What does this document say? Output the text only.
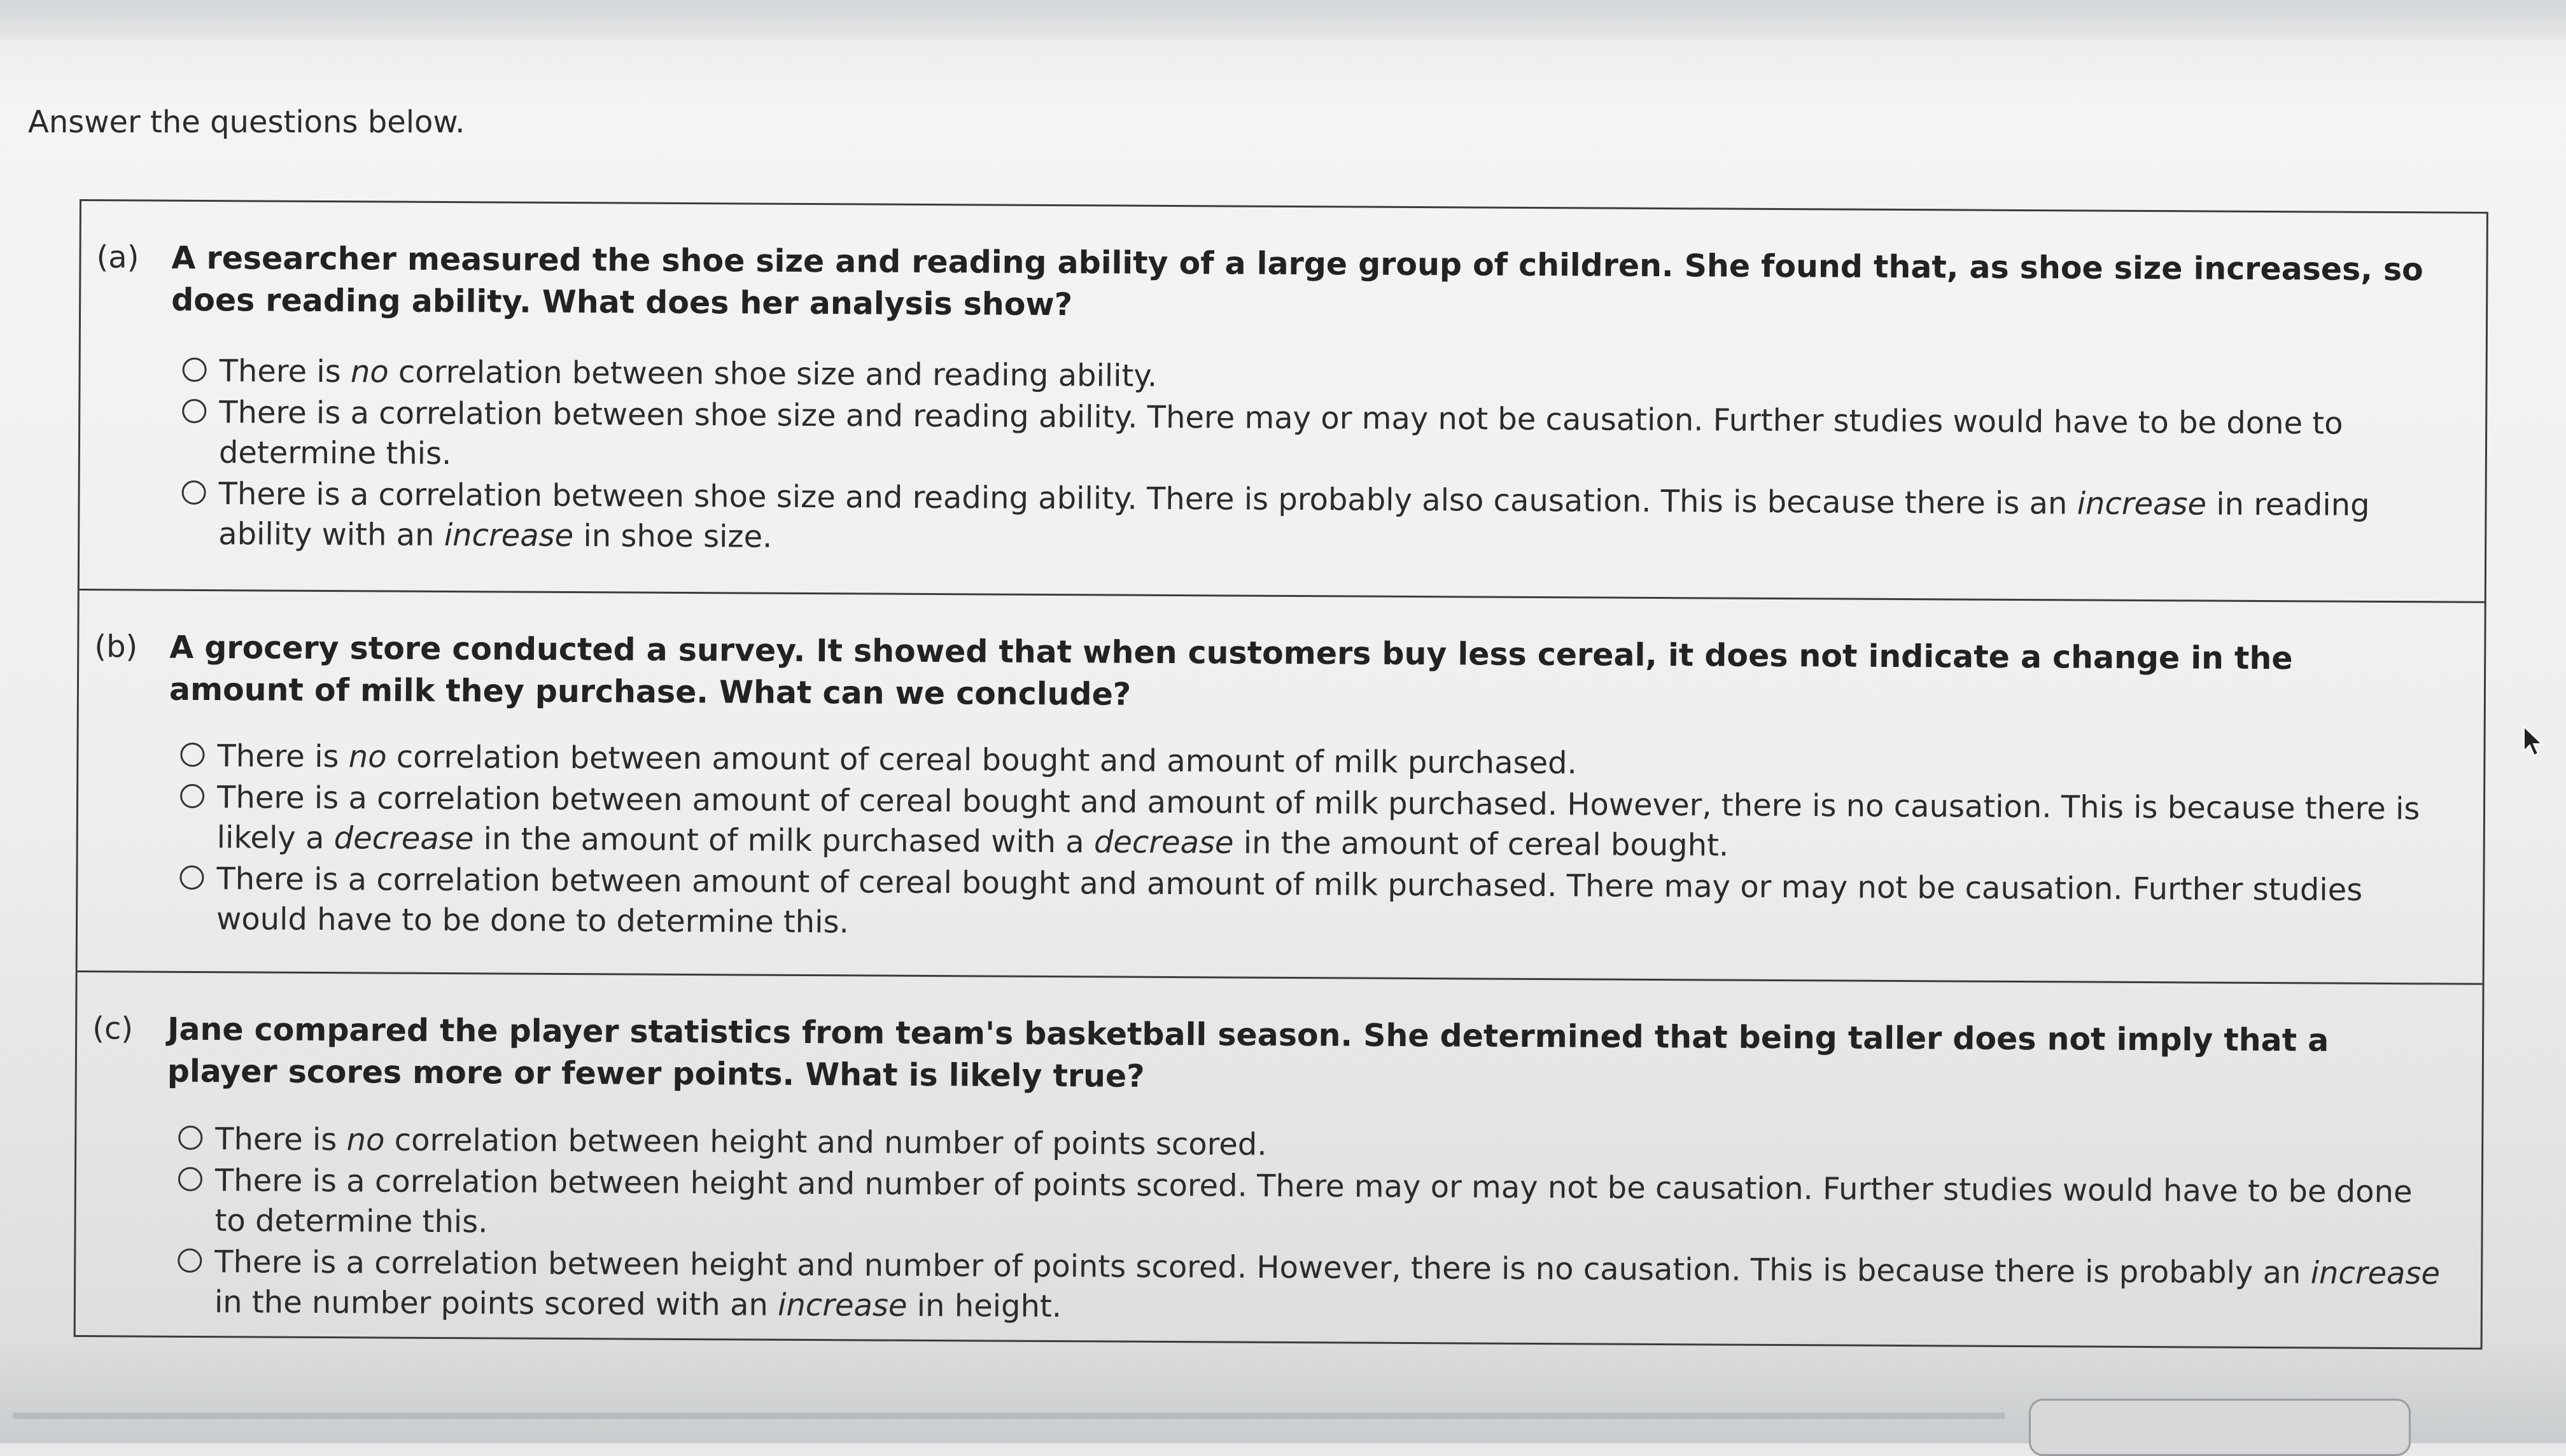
Answer the questions below.
(a) A researcher measured the shoe size and reading ability of a large group of children. She found that, as shoe size increases, so does reading ability. What does her analysis show?
There is no correlation between shoe size and reading ability.
There is a correlation between shoe size and reading ability. There may or may not be causation. Further studies would have to be done to determine this.
There is a correlation between shoe size and reading ability. There is probably also causation. This is because there is an increase in reading ability with an increase in shoe size.
(b) A grocery store conducted a survey. It showed that when customers buy less cereal, it does not indicate a change in the amount of milk they purchase. What can we conclude?
There is no correlation between amount of cereal bought and amount of milk purchased.
There is a correlation between amount of cereal bought and amount of milk purchased. However, there is no causation. This is because there is likely a decrease in the amount of milk purchased with a decrease in the amount of cereal bought.
There is a correlation between amount of cereal bought and amount of milk purchased. There may or may not be causation. Further studies would have to be done to determine this.
(c) Jane compared the player statistics from team's basketball season. She determined that being taller does not imply that a player scores more or fewer points. What is likely true?
There is no correlation between height and number of points scored.
There is a correlation between height and number of points scored. There may or may not be causation. Further studies would have to be done to determine this.
There is a correlation between height and number of points scored. However, there is no causation. This is because there is probably an increase in the number points scored with an increase in height.
